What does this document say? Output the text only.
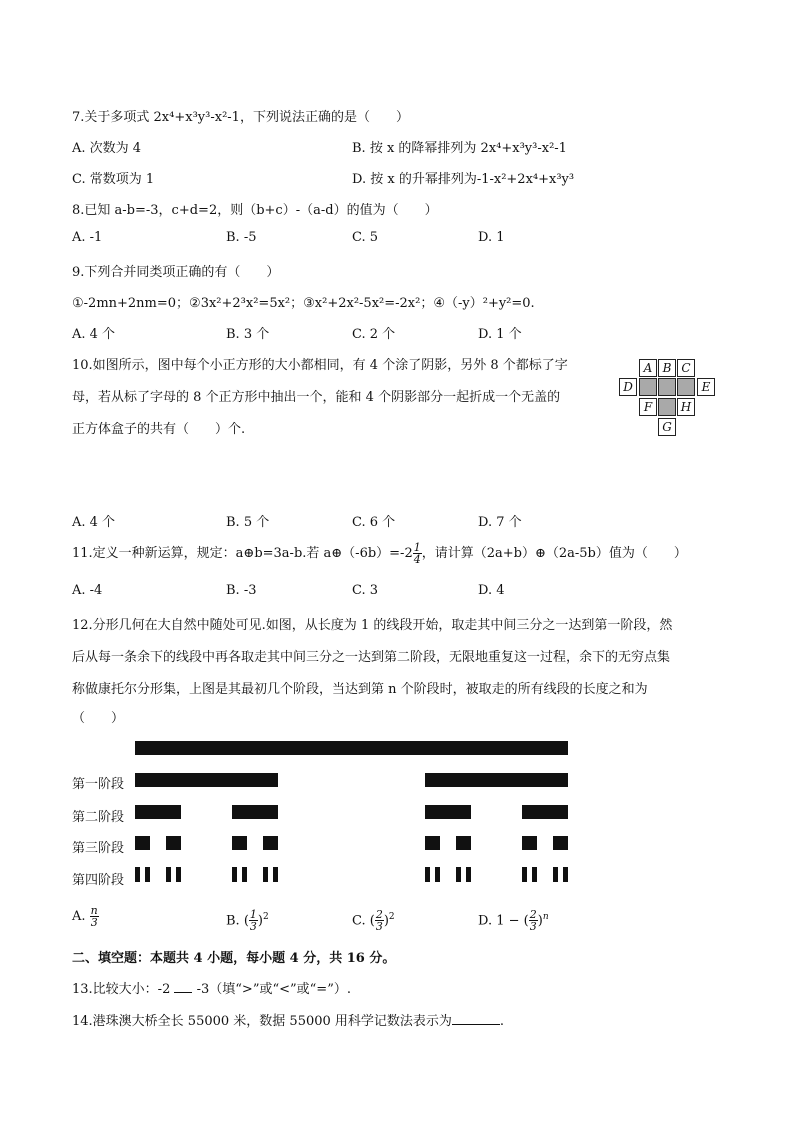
7.关于多项式 2x⁴+x³y³-x²-1，下列说法正确的是（　　）
A. 次数为 4	B. 按 x 的降幂排列为 2x⁴+x³y³-x²-1
C. 常数项为 1	D. 按 x 的升幂排列为-1-x²+2x⁴+x³y³
8.已知 a-b=-3，c+d=2，则（b+c）-（a-d）的值为（　　）
A. -1	B. -5	C. 5	D. 1
9.下列合并同类项正确的有（　　）
①-2mn+2nm=0；②3x²+2³x²=5x²；③x²+2x²-5x²=-2x²；④（-y）²+y²=0.
A. 4 个	B. 3 个	C. 2 个	D. 1 个
10.如图所示，图中每个小正方形的大小都相同，有 4 个涂了阴影，另外 8 个都标了字
母，若从标了字母的 8 个正方形中抽出一个，能和 4 个阴影部分一起折成一个无盖的
正方体盒子的共有（　　）个.
A B C
D	E
F	H
G
A. 4 个	B. 5 个	C. 6 个	D. 7 个
11.定义一种新运算，规定：a⊕b=3a-b.若 a⊕（-6b）=-2 $\frac{1}{4}$ ，请计算（2a+b）⊕（2a-5b）值为（　　）
A. -4	B. -3	C. 3	D. 4
12.分形几何在大自然中随处可见.如图，从长度为 1 的线段开始，取走其中间三分之一达到第一阶段，然
后从每一条余下的线段中再各取走其中间三分之一达到第二阶段，无限地重复这一过程，余下的无穷点集
称做康托尔分形集，上图是其最初几个阶段，当达到第 n 个阶段时，被取走的所有线段的长度之和为
（　　）
第一阶段
第二阶段
第三阶段
第四阶段
A. $\frac{n}{3}$	B. ( $\frac{1}{3} )^2$	C. ( $\frac{2}{3} )^2$	D. 1 − ( $\frac{2}{3} )^n$
二、填空题：本题共 4 小题，每小题 4 分，共 16 分。
13.比较大小：-2 -3（填“>”或“<”或“=”）.
14.港珠澳大桥全长 55000 米，数据 55000 用科学记数法表示为	.
